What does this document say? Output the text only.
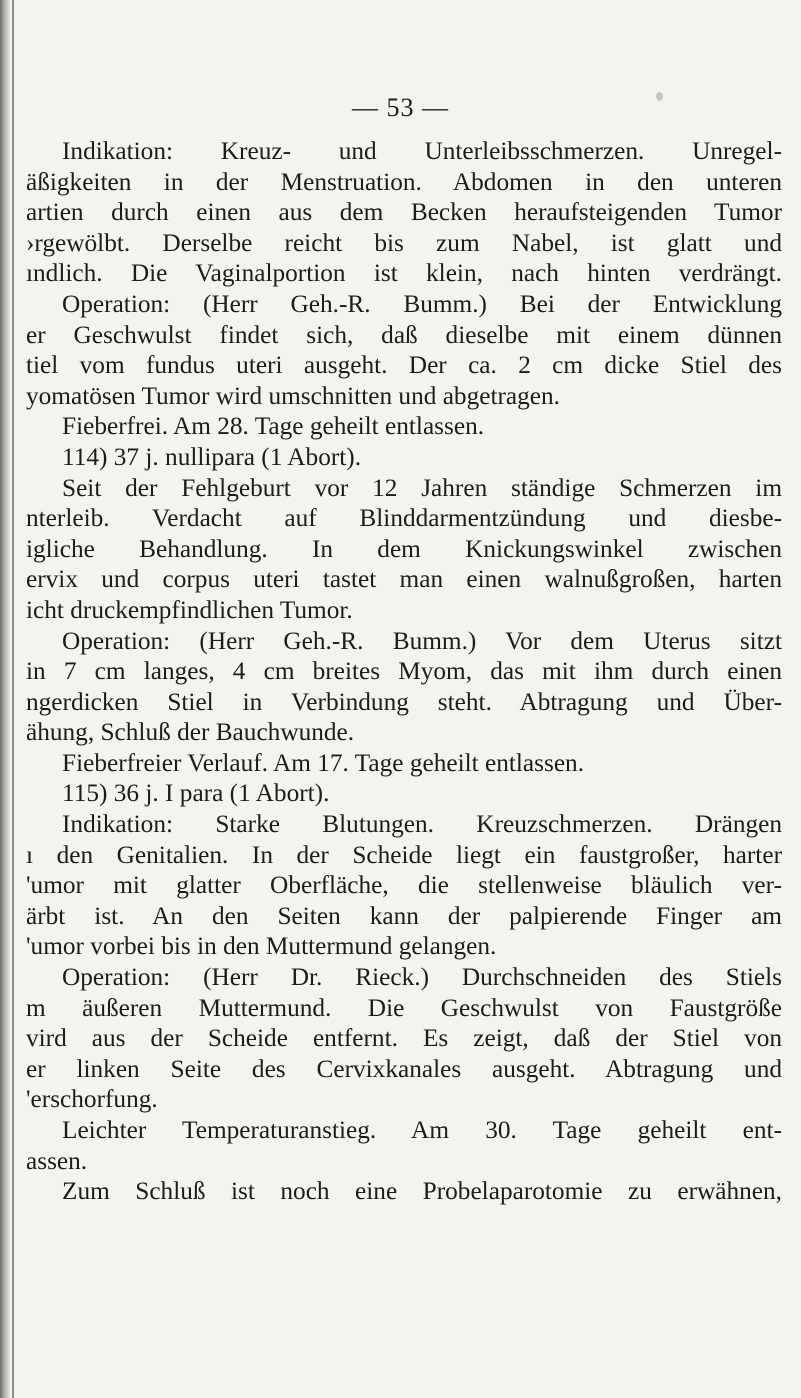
— 53 —
Indikation: Kreuz- und Unterleibsschmerzen. Unregel-
äßigkeiten in der Menstruation. Abdomen in den unteren
artien durch einen aus dem Becken heraufsteigenden Tumor
›rgewölbt. Derselbe reicht bis zum Nabel, ist glatt und
ındlich. Die Vaginalportion ist klein, nach hinten verdrängt.
Operation: (Herr Geh.-R. Bumm.) Bei der Entwicklung
er Geschwulst findet sich, daß dieselbe mit einem dünnen
tiel vom fundus uteri ausgeht. Der ca. 2 cm dicke Stiel des
yomatösen Tumor wird umschnitten und abgetragen.
Fieberfrei. Am 28. Tage geheilt entlassen.
114) 37 j. nullipara (1 Abort).
Seit der Fehlgeburt vor 12 Jahren ständige Schmerzen im
nterleib. Verdacht auf Blinddarmentzündung und diesbe-
igliche Behandlung. In dem Knickungswinkel zwischen
ervix und corpus uteri tastet man einen walnußgroßen, harten
icht druckempfindlichen Tumor.
Operation: (Herr Geh.-R. Bumm.) Vor dem Uterus sitzt
in 7 cm langes, 4 cm breites Myom, das mit ihm durch einen
ngerdicken Stiel in Verbindung steht. Abtragung und Über-
ähung, Schluß der Bauchwunde.
Fieberfreier Verlauf. Am 17. Tage geheilt entlassen.
115) 36 j. I para (1 Abort).
Indikation: Starke Blutungen. Kreuzschmerzen. Drängen
ı den Genitalien. In der Scheide liegt ein faustgroßer, harter
'umor mit glatter Oberfläche, die stellenweise bläulich ver-
ärbt ist. An den Seiten kann der palpierende Finger am
'umor vorbei bis in den Muttermund gelangen.
Operation: (Herr Dr. Rieck.) Durchschneiden des Stiels
m äußeren Muttermund. Die Geschwulst von Faustgröße
vird aus der Scheide entfernt. Es zeigt, daß der Stiel von
er linken Seite des Cervixkanales ausgeht. Abtragung und
'erschorfung.
Leichter Temperaturanstieg. Am 30. Tage geheilt ent-
assen.
Zum Schluß ist noch eine Probelaparotomie zu erwähnen,
